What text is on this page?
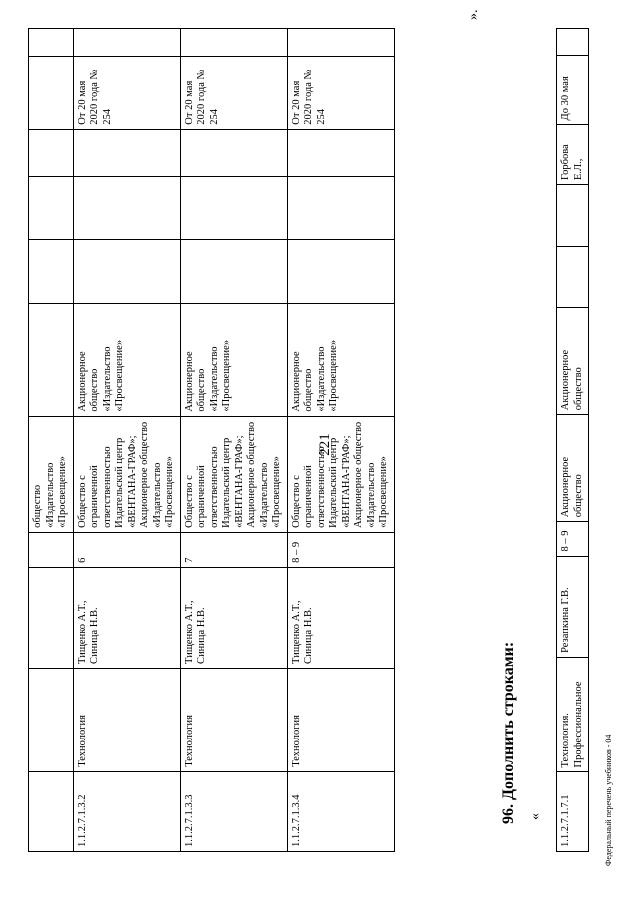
221
				общество «Издательство «Просвещение»						
1.1.2.7.1.3.2	Технология	Тищенко А.Т., Синица Н.В.	6	Общество с ограниченной ответственностью Издательский центр «ВЕНТАНА-ГРАФ»; Акционерное общество «Издательство «Просвещение»	Акционерное общество «Издательство «Просвещение»				От 20 мая 2020 года № 254	
1.1.2.7.1.3.3	Технология	Тищенко А.Т., Синица Н.В.	7	Общество с ограниченной ответственностью Издательский центр «ВЕНТАНА-ГРАФ»; Акционерное общество «Издательство «Просвещение»	Акционерное общество «Издательство «Просвещение»				От 20 мая 2020 года № 254	
1.1.2.7.1.3.4	Технология	Тищенко А.Т., Синица Н.В.	8 – 9	Общество с ограниченной ответственностью Издательский центр «ВЕНТАНА-ГРАФ»; Акционерное общество «Издательство «Просвещение»	Акционерное общество «Издательство «Просвещение»				От 20 мая 2020 года № 254	
».
96. Дополнить строками: « 1.1.2.7.1.7.1	Технология. Профессиональное	Резапкина Г.В.	8 – 9	Акционерное общество	Акционерное общество			Горбова Е.Л.,	До 30 мая	
Федеральный перечень учебников - 04
